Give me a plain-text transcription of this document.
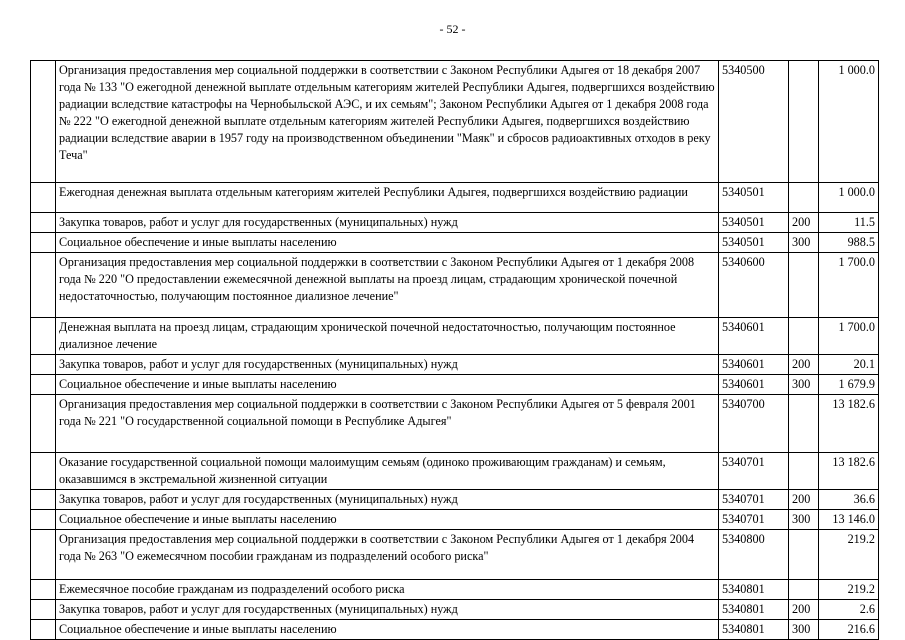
- 52 -
	Организация предоставления мер социальной поддержки в соответствии с Законом Республики Адыгея от 18 декабря 2007 года № 133 "О ежегодной денежной выплате отдельным категориям жителей Республики Адыгея, подвергшихся воздействию радиации вследствие катастрофы на Чернобыльской АЭС, и их семьям"; Законом Республики Адыгея от 1 декабря 2008 года № 222 "О ежегодной денежной выплате отдельным категориям жителей Республики Адыгея, подвергшихся воздействию радиации вследствие аварии в 1957 году на производственном объединении "Маяк" и сбросов радиоактивных отходов в реку Теча"	5340500		1 000.0
	Ежегодная денежная выплата отдельным категориям жителей Республики Адыгея, подвергшихся воздействию радиации	5340501		1 000.0
	Закупка товаров, работ и услуг для государственных (муниципальных) нужд	5340501	200	11.5
	Социальное обеспечение и иные выплаты населению	5340501	300	988.5
	Организация предоставления мер социальной поддержки в соответствии с Законом Республики Адыгея от 1 декабря 2008 года № 220 "О предоставлении ежемесячной денежной выплаты на проезд лицам, страдающим хронической почечной недостаточностью, получающим постоянное диализное лечение"	5340600		1 700.0
	Денежная выплата на проезд лицам, страдающим хронической почечной недостаточностью, получающим постоянное диализное лечение	5340601		1 700.0
	Закупка товаров, работ и услуг для государственных (муниципальных) нужд	5340601	200	20.1
	Социальное обеспечение и иные выплаты населению	5340601	300	1 679.9
	Организация предоставления мер социальной поддержки в соответствии с Законом Республики Адыгея от 5 февраля 2001 года № 221 "О государственной социальной помощи в Республике Адыгея"	5340700		13 182.6
	Оказание государственной социальной помощи малоимущим семьям (одиноко проживающим гражданам) и семьям, оказавшимся в экстремальной жизненной ситуации	5340701		13 182.6
	Закупка товаров, работ и услуг для государственных (муниципальных) нужд	5340701	200	36.6
	Социальное обеспечение и иные выплаты населению	5340701	300	13 146.0
	Организация предоставления мер социальной поддержки в соответствии с Законом Республики Адыгея от 1 декабря 2004 года № 263 "О ежемесячном пособии гражданам из подразделений особого риска"	5340800		219.2
	Ежемесячное пособие гражданам из подразделений особого риска	5340801		219.2
	Закупка товаров, работ и услуг для государственных (муниципальных) нужд	5340801	200	2.6
	Социальное обеспечение и иные выплаты населению	5340801	300	216.6
